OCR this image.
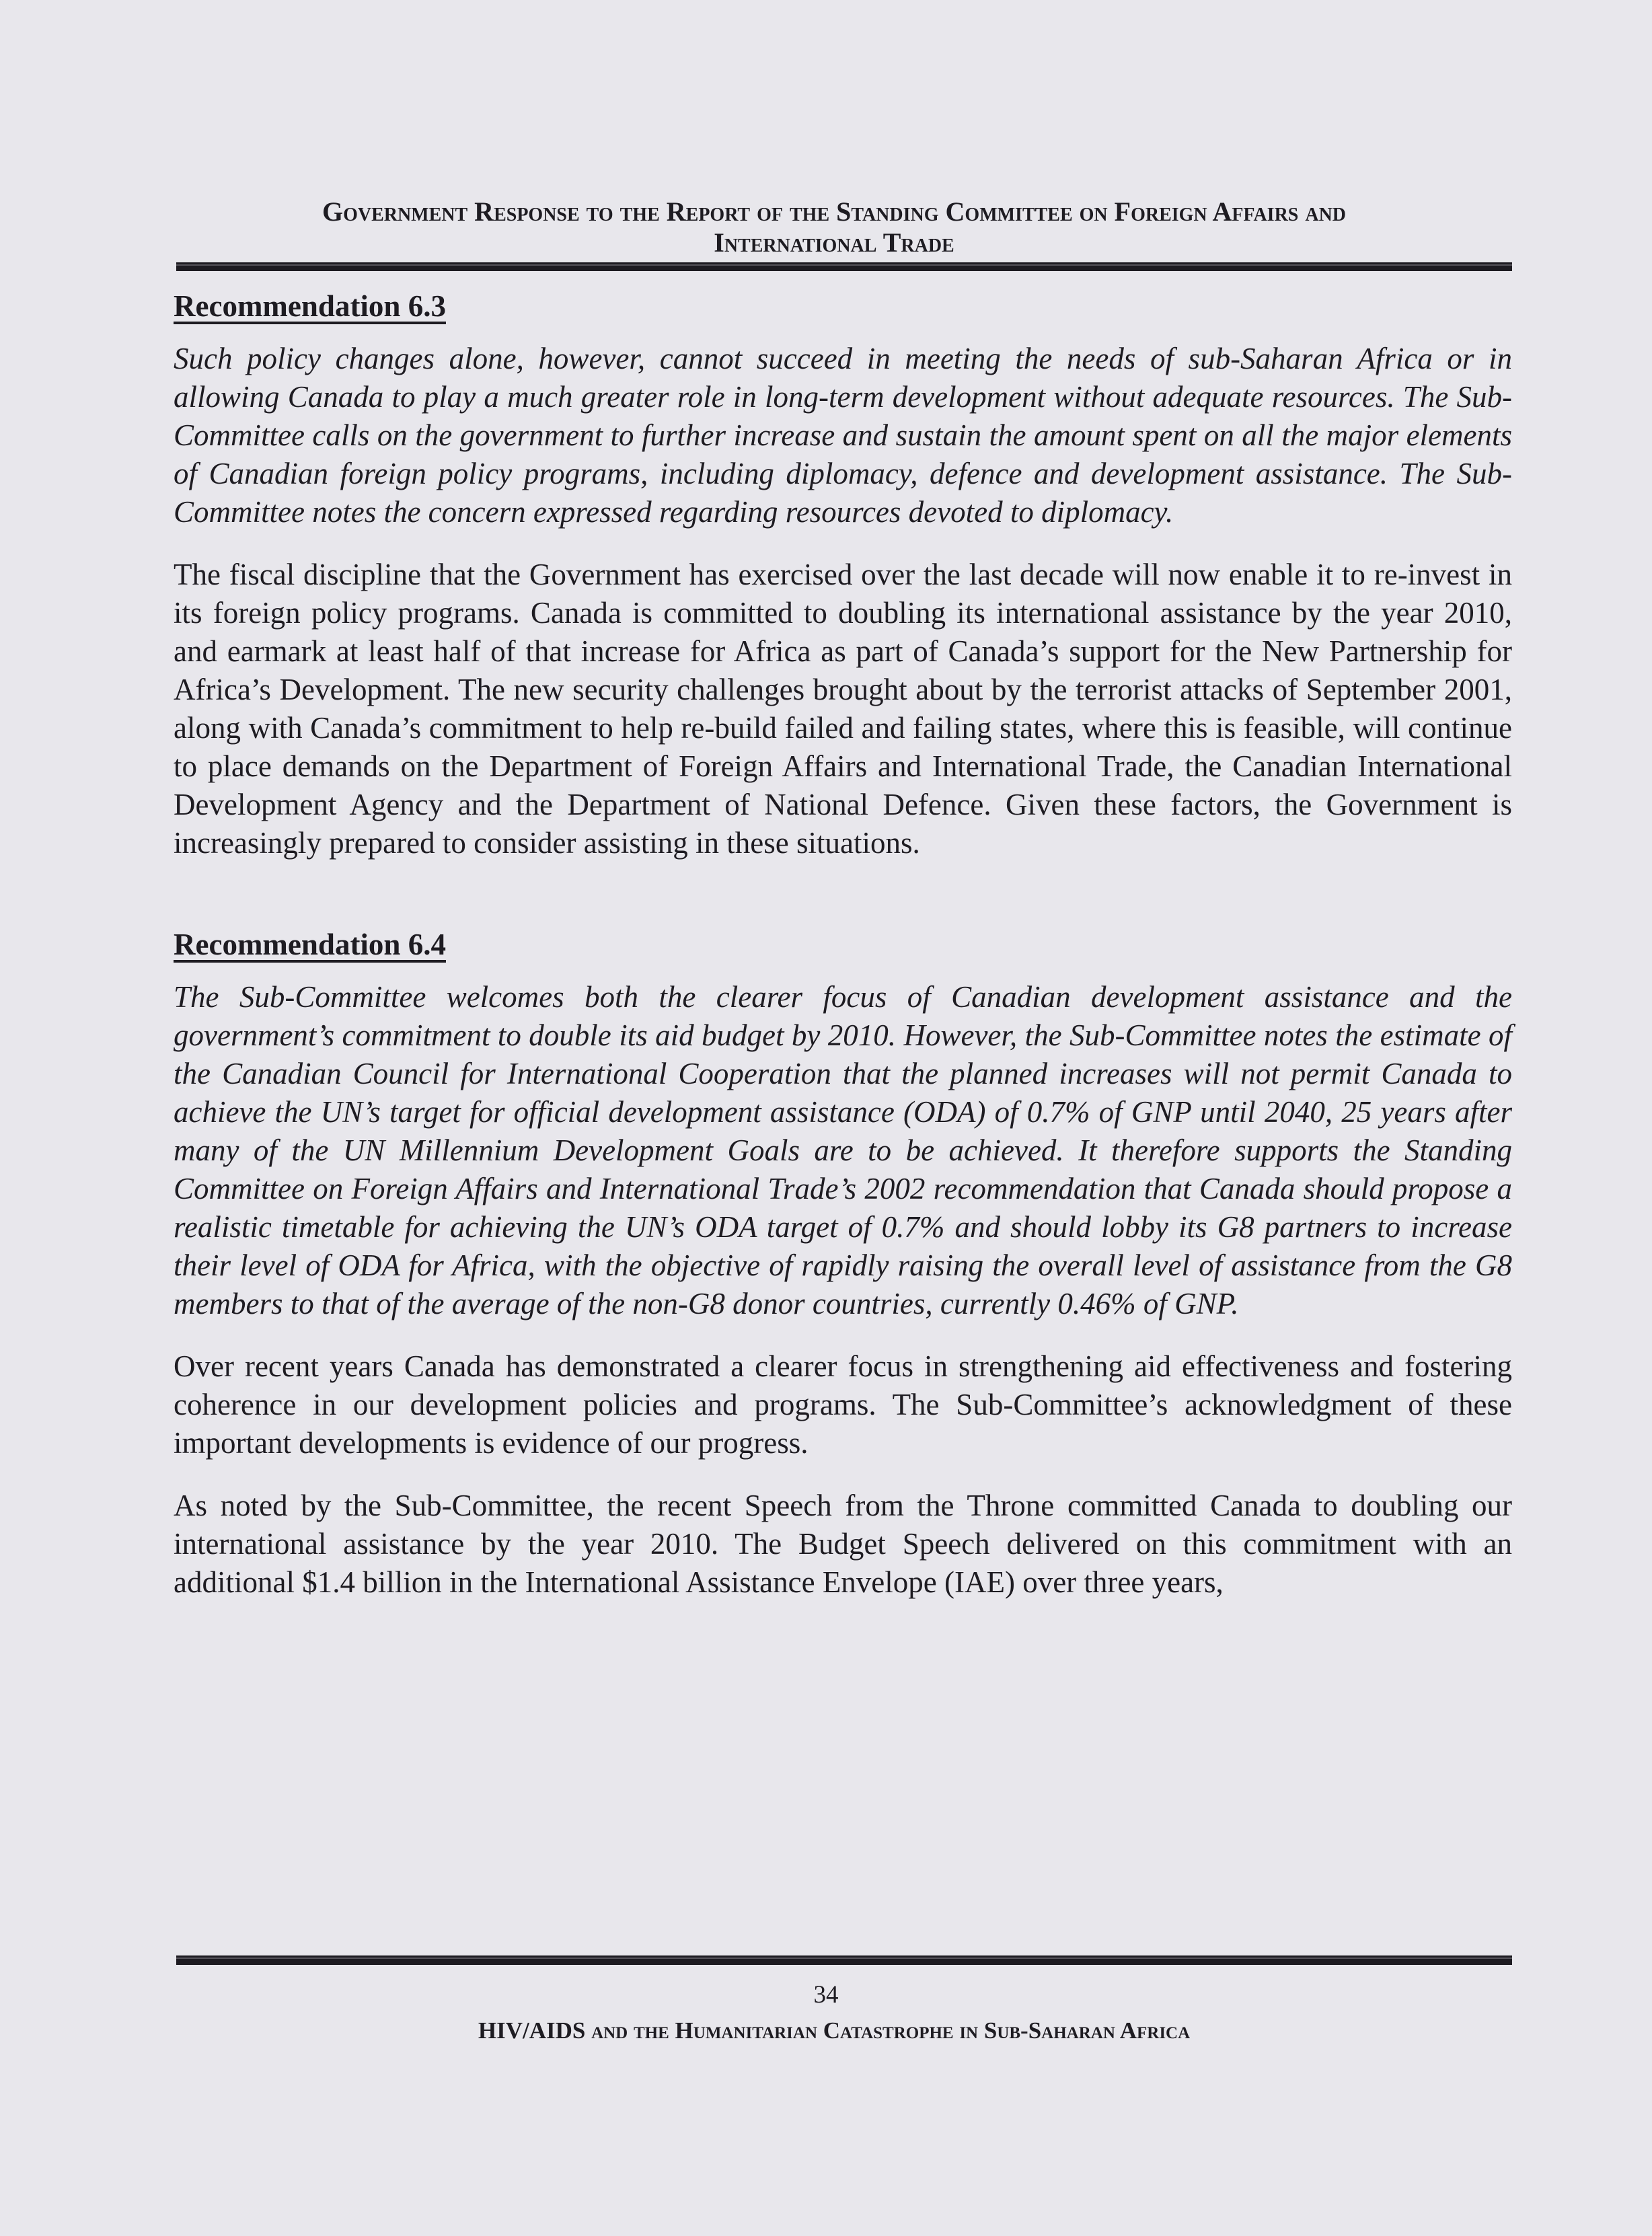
Government Response to the Report of the Standing Committee on Foreign Affairs and
International Trade
Recommendation 6.3

Such policy changes alone, however, cannot succeed in meeting the needs of sub-Saharan Africa or in allowing Canada to play a much greater role in long-term development without adequate resources. The Sub-Committee calls on the government to further increase and sustain the amount spent on all the major elements of Canadian foreign policy programs, including diplomacy, defence and development assistance. The Sub-Committee notes the concern expressed regarding resources devoted to diplomacy.

The fiscal discipline that the Government has exercised over the last decade will now enable it to re-invest in its foreign policy programs. Canada is committed to doubling its international assistance by the year 2010, and earmark at least half of that increase for Africa as part of Canada’s support for the New Partnership for Africa’s Development. The new security challenges brought about by the terrorist attacks of September 2001, along with Canada’s commitment to help re-build failed and failing states, where this is feasible, will continue to place demands on the Department of Foreign Affairs and International Trade, the Canadian International Development Agency and the Department of National Defence. Given these factors, the Government is increasingly prepared to consider assisting in these situations.

Recommendation 6.4

The Sub-Committee welcomes both the clearer focus of Canadian development assistance and the government’s commitment to double its aid budget by 2010. However, the Sub-Committee notes the estimate of the Canadian Council for International Cooperation that the planned increases will not permit Canada to achieve the UN’s target for official development assistance (ODA) of 0.7% of GNP until 2040, 25 years after many of the UN Millennium Development Goals are to be achieved. It therefore supports the Standing Committee on Foreign Affairs and International Trade’s 2002 recommendation that Canada should propose a realistic timetable for achieving the UN’s ODA target of 0.7% and should lobby its G8 partners to increase their level of ODA for Africa, with the objective of rapidly raising the overall level of assistance from the G8 members to that of the average of the non-G8 donor countries, currently 0.46% of GNP.

Over recent years Canada has demonstrated a clearer focus in strengthening aid effectiveness and fostering coherence in our development policies and programs. The Sub-Committee’s acknowledgment of these important developments is evidence of our progress.

As noted by the Sub-Committee, the recent Speech from the Throne committed Canada to doubling our international assistance by the year 2010. The Budget Speech delivered on this commitment with an additional $1.4 billion in the International Assistance Envelope (IAE) over three years,

34
HIV/AIDS and the Humanitarian Catastrophe in Sub-Saharan Africa
